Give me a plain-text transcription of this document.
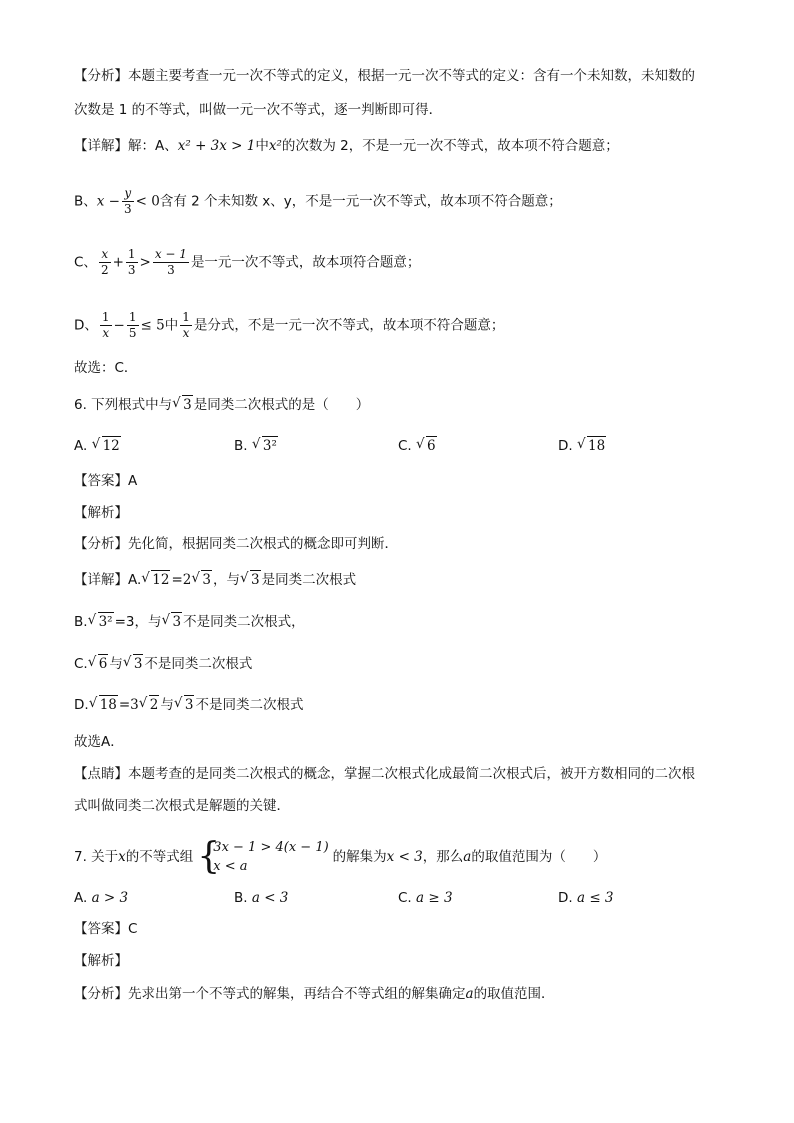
【分析】本题主要考查一元一次不等式的定义，根据一元一次不等式的定义：含有一个未知数，未知数的
次数是 1 的不等式，叫做一元一次不等式，逐一判断即可得．
【详解】解：A、x² + 3x > 1中x²的次数为 2，不是一元一次不等式，故本项不符合题意；
B、$x - \frac{y}{3} < 0$含有 2 个未知数 x、y，不是一元一次不等式，故本项不符合题意；
C、 $\frac{x}{2} + \frac{1}{3} > \frac{x - 1}{3}$ 是一元一次不等式，故本项符合题意；
D、 $\frac{1}{x} - \frac{1}{5} \le 5$中 $\frac{1}{x}$ 是分式，不是一元一次不等式，故本项不符合题意；
故选：C．
6. 下列根式中与 √ 3 是同类二次根式的是（　　）
A. √ 12	B. √ 3²	C. √ 6	D. √ 18
【答案】A
【解析】
【分析】先化简，根据同类二次根式的概念即可判断．
【详解】A. √ 12 =2 √ 3 ，与 √ 3 是同类二次根式
B. √ 3² =3，与 √ 3 不是同类二次根式，
C. √ 6 与 √ 3 不是同类二次根式
D. √ 18 =3 √ 2 与 √ 3 不是同类二次根式
故选A．
【点睛】本题考查的是同类二次根式的概念，掌握二次根式化成最简二次根式后，被开方数相同的二次根
式叫做同类二次根式是解题的关键．
7. 关于x的不等式组 {
3x − 1 > 4(x − 1)
x < a
的解集为x < 3，那么a的取值范围为（　　）
A. a > 3	B. a < 3	C. a ≥ 3	D. a ≤ 3
【答案】C
【解析】
【分析】先求出第一个不等式的解集，再结合不等式组的解集确定a的取值范围．
